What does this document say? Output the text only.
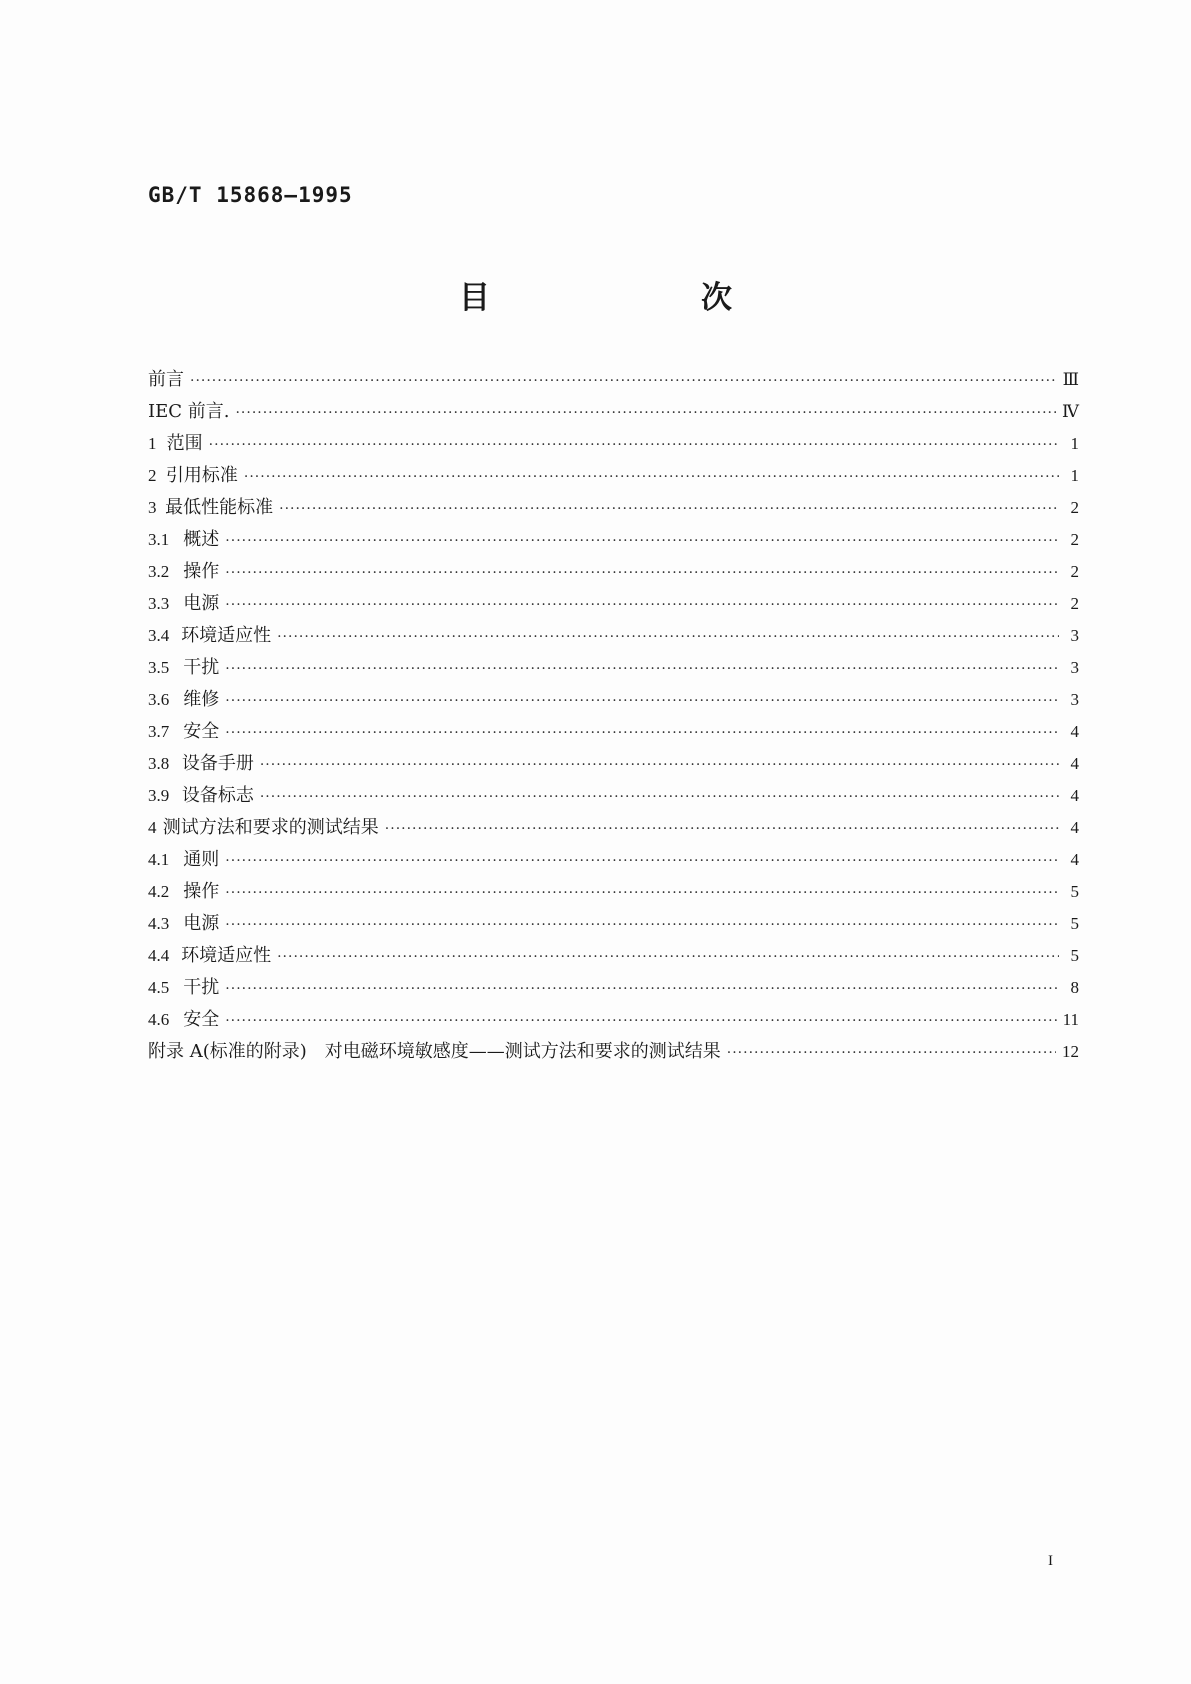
GB/T 15868—1995
目　次
前言 ·····	Ⅲ
IEC 前言. ·····	Ⅳ
1 范围 ·····	1
2 引用标准 ·····	1
3 最低性能标准 ·····	2
3.1 概述 ·····	2
3.2 操作 ·····	2
3.3 电源 ·····	2
3.4 环境适应性 ·····	3
3.5 干扰 ·····	3
3.6 维修 ·····	3
3.7 安全 ·····	4
3.8 设备手册 ·····	4
3.9 设备标志 ·····	4
4 测试方法和要求的测试结果 ·····	4
4.1 通则 ·····	4
4.2 操作 ·····	5
4.3 电源 ·····	5
4.4 环境适应性 ·····	5
4.5 干扰 ·····	8
4.6 安全 ·····	11
附录 A(标准的附录)　对电磁环境敏感度——测试方法和要求的测试结果 ·····	12
I
